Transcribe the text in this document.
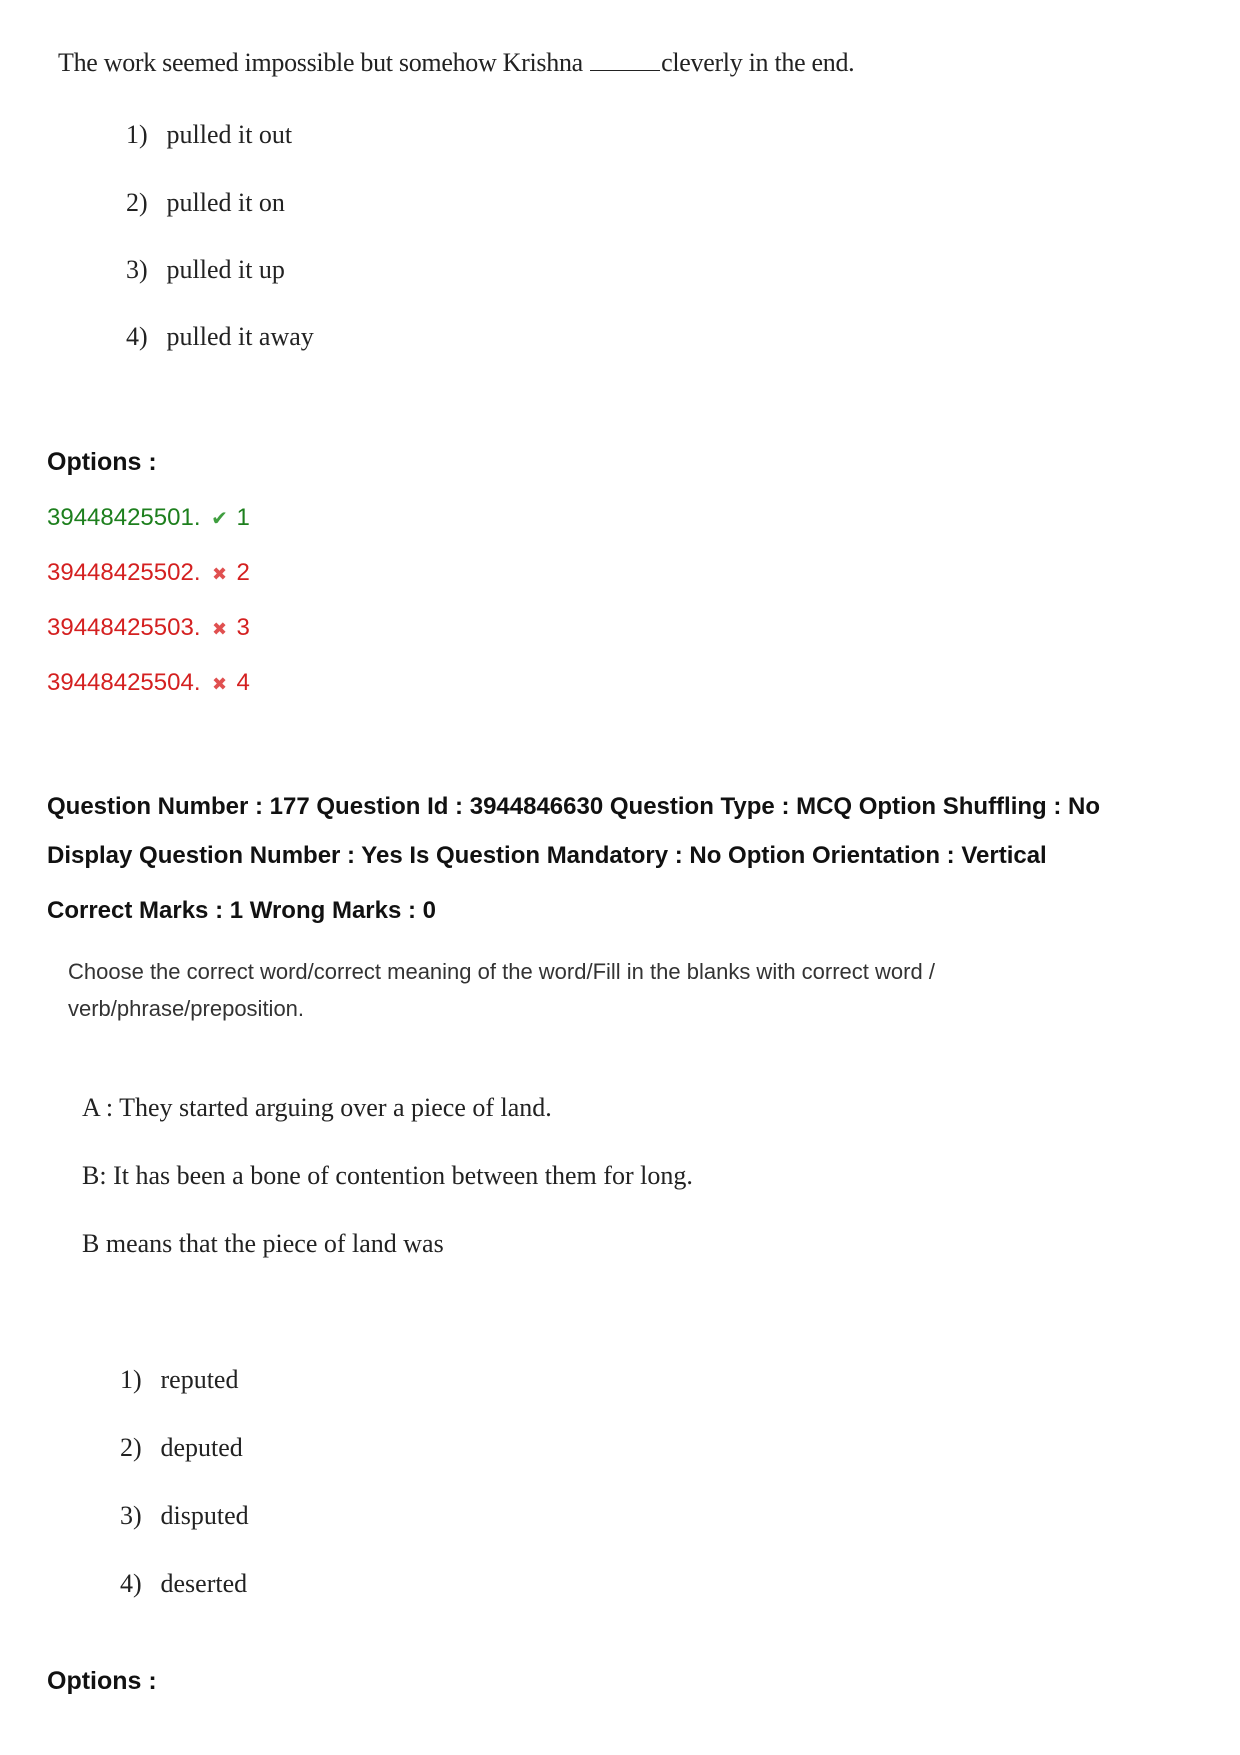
The work seemed impossible but somehow Krishna	cleverly in the end.
1) pulled it out
2) pulled it on
3) pulled it up
4) pulled it away
Options :
39448425501. ✔ 1
39448425502. ✖ 2
39448425503. ✖ 3
39448425504. ✖ 4
Question Number : 177 Question Id : 3944846630 Question Type : MCQ Option Shuffling : No
Display Question Number : Yes Is Question Mandatory : No Option Orientation : Vertical
Correct Marks : 1 Wrong Marks : 0
Choose the correct word/correct meaning of the word/Fill in the blanks with correct word / verb/phrase/preposition.
A : They started arguing over a piece of land.
B: It has been a bone of contention between them for long.
B means that the piece of land was
1) reputed
2) deputed
3) disputed
4) deserted
Options :
